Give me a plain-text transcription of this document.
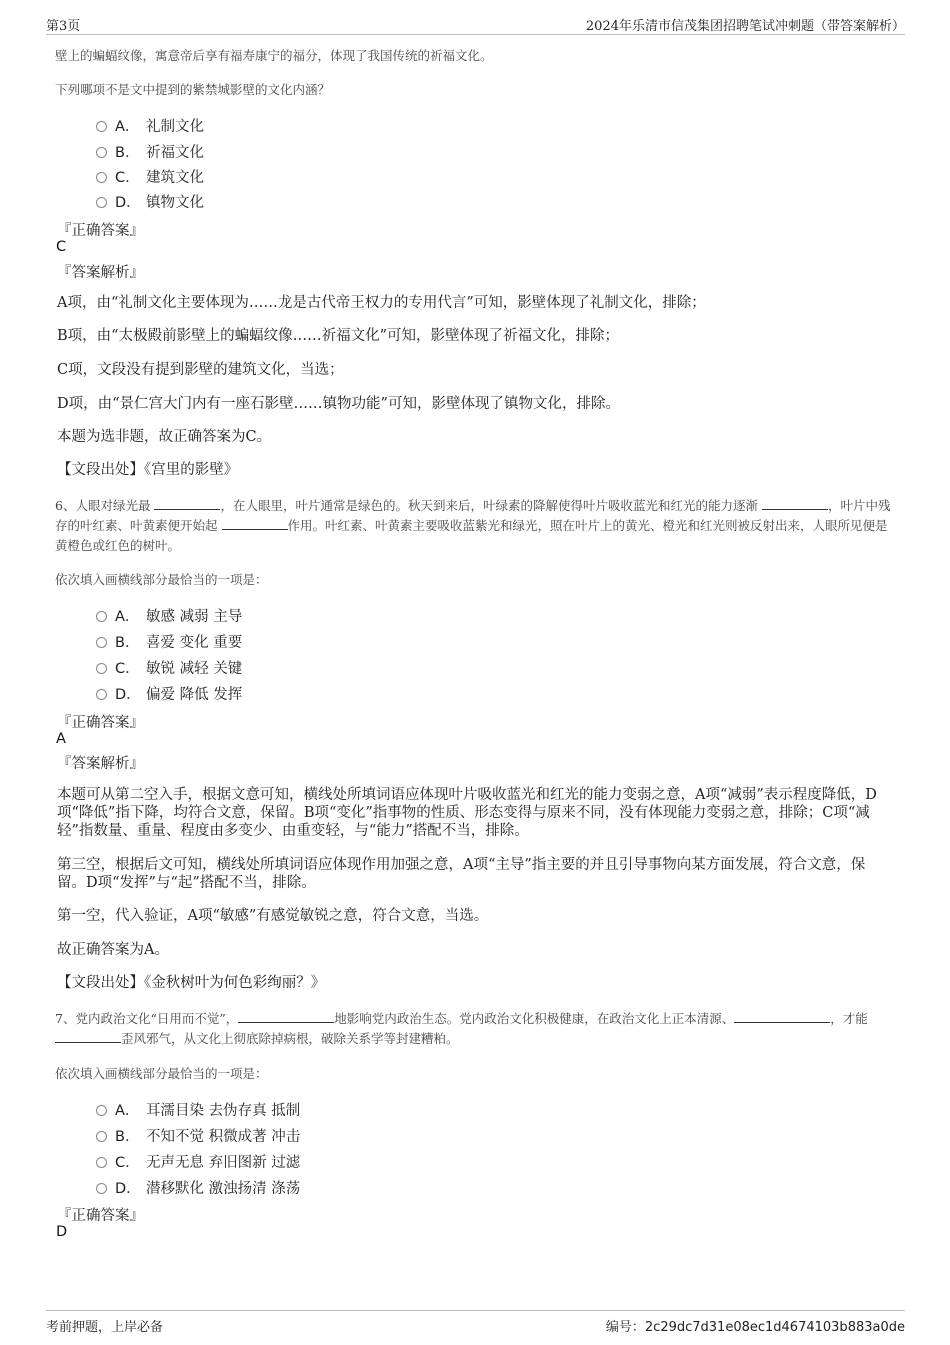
第3页	2024年乐清市信茂集团招聘笔试冲刺题（带答案解析）
壁上的蝙蝠纹像，寓意帝后享有福寿康宁的福分，体现了我国传统的祈福文化。
下列哪项不是文中提到的紫禁城影壁的文化内涵？
A． 礼制文化
B． 祈福文化
C． 建筑文化
D． 镇物文化
『正确答案』
C
『答案解析』
A项，由“礼制文化主要体现为……龙是古代帝王权力的专用代言”可知，影壁体现了礼制文化，排除；
B项，由“太极殿前影壁上的蝙蝠纹像……祈福文化”可知，影壁体现了祈福文化，排除；
C项，文段没有提到影壁的建筑文化，当选；
D项，由“景仁宫大门内有一座石影壁……镇物功能”可知，影壁体现了镇物文化，排除。
本题为选非题，故正确答案为C。
【文段出处】《宫里的影壁》
6、人眼对绿光最	，在人眼里，叶片通常是绿色的。秋天到来后，叶绿素的降解使得叶片吸收蓝光和红光的能力逐渐	，叶片中残存的叶红素、叶黄素便开始起	作用。叶红素、叶黄素主要吸收蓝紫光和绿光，照在叶片上的黄光、橙光和红光则被反射出来，人眼所见便是黄橙色或红色的树叶。
依次填入画横线部分最恰当的一项是：
A． 敏感 减弱 主导
B． 喜爱 变化 重要
C． 敏锐 减轻 关键
D． 偏爱 降低 发挥
『正确答案』
A
『答案解析』
本题可从第二空入手，根据文意可知，横线处所填词语应体现叶片吸收蓝光和红光的能力变弱之意，A项“减弱”表示程度降低，D项“降低”指下降，均符合文意，保留。B项“变化”指事物的性质、形态变得与原来不同，没有体现能力变弱之意，排除；C项“减轻”指数量、重量、程度由多变少、由重变轻，与“能力”搭配不当，排除。
第三空，根据后文可知，横线处所填词语应体现作用加强之意，A项“主导”指主要的并且引导事物向某方面发展，符合文意，保留。D项“发挥”与“起”搭配不当，排除。
第一空，代入验证，A项“敏感”有感觉敏锐之意，符合文意，当选。
故正确答案为A。
【文段出处】《金秋树叶为何色彩绚丽？》
7、党内政治文化“日用而不觉”，	地影响党内政治生态。党内政治文化积极健康，在政治文化上正本清源、	，才能 歪风邪气，从文化上彻底除掉病根，破除关系学等封建糟粕。
依次填入画横线部分最恰当的一项是：
A． 耳濡目染 去伪存真 抵制
B． 不知不觉 积微成著 冲击
C． 无声无息 弃旧图新 过滤
D． 潜移默化 激浊扬清 涤荡
『正确答案』
D
考前押题，上岸必备	编号：2c29dc7d31e08ec1d4674103b883a0de
